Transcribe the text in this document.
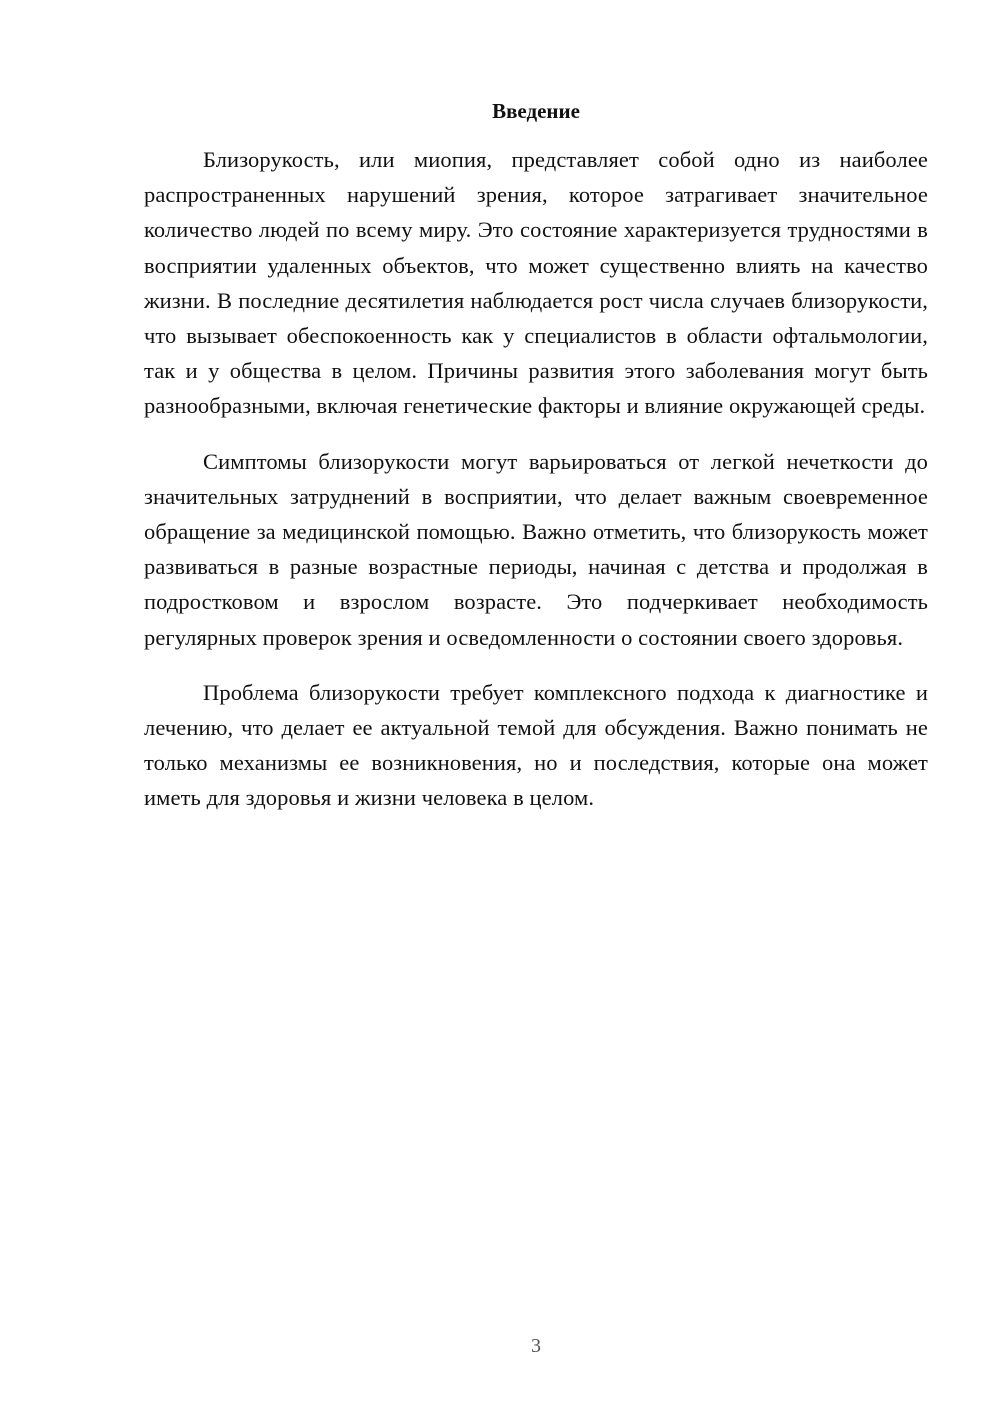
Введение

Близорукость, или миопия, представляет собой одно из наиболее распространенных нарушений зрения, которое затрагивает значительное количество людей по всему миру. Это состояние характеризуется трудностями в восприятии удаленных объектов, что может существенно влиять на качество жизни. В последние десятилетия наблюдается рост числа случаев близорукости, что вызывает обеспокоенность как у специалистов в области офтальмологии, так и у общества в целом. Причины развития этого заболевания могут быть разнообразными, включая генетические факторы и влияние окружающей среды.

Симптомы близорукости могут варьироваться от легкой нечеткости до значительных затруднений в восприятии, что делает важным своевременное обращение за медицинской помощью. Важно отметить, что близорукость может развиваться в разные возрастные периоды, начиная с детства и продолжая в подростковом и взрослом возрасте. Это подчеркивает необходимость регулярных проверок зрения и осведомленности о состоянии своего здоровья.

Проблема близорукости требует комплексного подхода к диагностике и лечению, что делает ее актуальной темой для обсуждения. Важно понимать не только механизмы ее возникновения, но и последствия, которые она может иметь для здоровья и жизни человека в целом.

3
